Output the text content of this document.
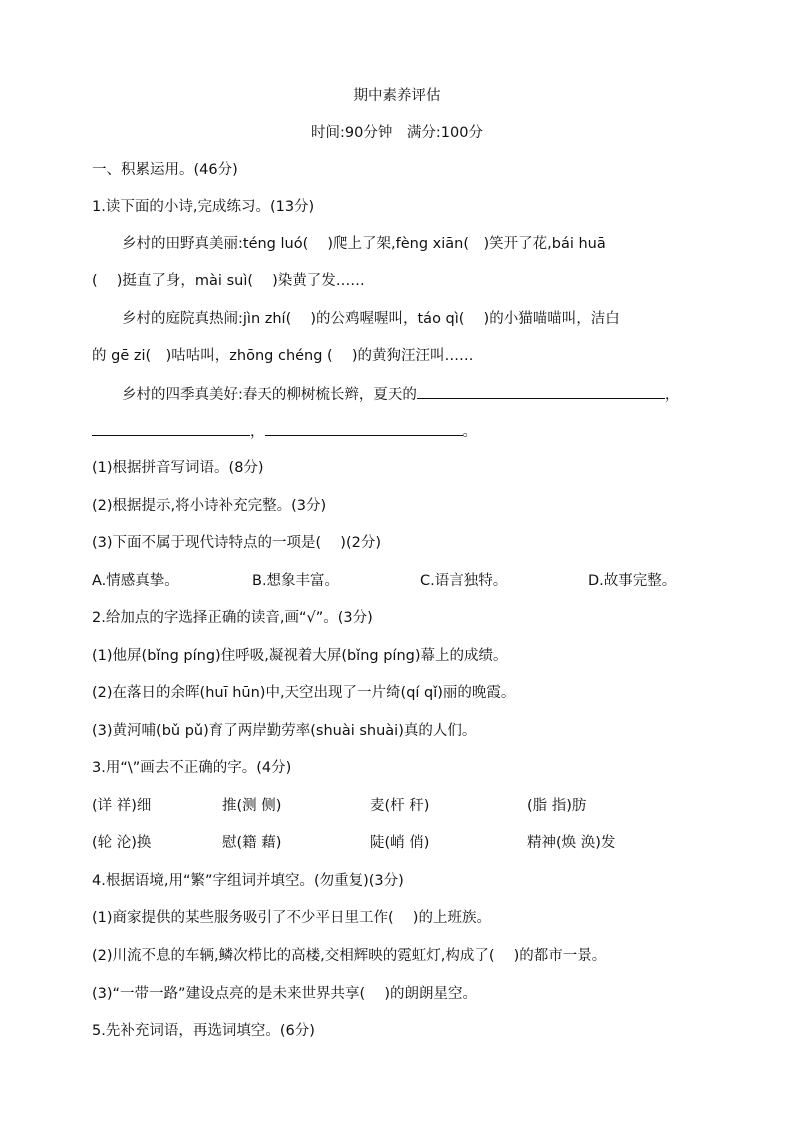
期中素养评估
时间:90分钟　满分:100分
一、积累运用。(46分)
1.读下面的小诗,完成练习。(13分)
乡村的田野真美丽:téng luó(　 )爬上了架,fèng xiān(　)笑开了花,bái huā
(　 )挺直了身，mài suì(　 )染黄了发……
乡村的庭院真热闹:jìn zhí(　 )的公鸡喔喔叫，táo qì(　 )的小猫喵喵叫，洁白
的 gē zi(　)咕咕叫，zhōng chéng (　 )的黄狗汪汪叫……
乡村的四季真美好:春天的柳树梳长辫，夏天的	，
，	。
(1)根据拼音写词语。(8分)
(2)根据提示,将小诗补充完整。(3分)
(3)下面不属于现代诗特点的一项是(　 )(2分)
A.情感真挚。	B.想象丰富。	C.语言独特。	D.故事完整。
2.给加点的字选择正确的读音,画“√”。(3分)
(1)他屏(bǐng píng)住呼吸,凝视着大屏(bǐng píng)幕上的成绩。
(2)在落日的余晖(huī hūn)中,天空出现了一片绮(qí qǐ)丽的晚霞。
(3)黄河哺(bǔ pǔ)育了两岸勤劳率(shuài shuài)真的人们。
3.用“\”画去不正确的字。(4分)
(详 祥)细	推(测 侧)	麦(杆 秆)	(脂 指)肪
(轮 沦)换	慰(籍 藉)	陡(峭 俏)	精神(焕 涣)发
4.根据语境,用“繁”字组词并填空。(勿重复)(3分)
(1)商家提供的某些服务吸引了不少平日里工作(　 )的上班族。
(2)川流不息的车辆,鳞次栉比的高楼,交相辉映的霓虹灯,构成了(　 )的都市一景。
(3)“一带一路”建设点亮的是未来世界共享(　 )的朗朗星空。
5.先补充词语，再选词填空。(6分)
